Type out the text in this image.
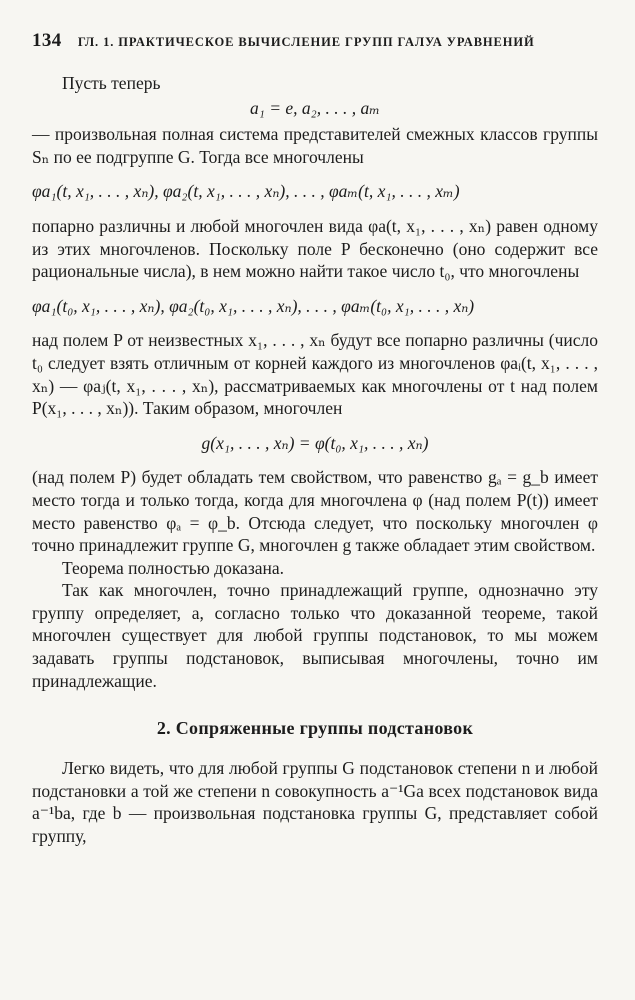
134 ГЛ. 1. ПРАКТИЧЕСКОЕ ВЫЧИСЛЕНИЕ ГРУПП ГАЛУА УРАВНЕНИЙ

Пусть теперь

a₁ = e, a₂, . . . , aₘ

— произвольная полная система представителей смежных классов группы Sₙ по ее подгруппе G. Тогда все многочлены

φa₁(t, x₁, . . . , xₙ), φa₂(t, x₁, . . . , xₙ), . . . , φaₘ(t, x₁, . . . , xₘ)

попарно различны и любой многочлен вида φa(t, x₁, . . . , xₙ) равен одному из этих многочленов. Поскольку поле P бесконечно (оно содержит все рациональные числа), в нем можно найти такое число t₀, что многочлены

φa₁(t₀, x₁, . . . , xₙ), φa₂(t₀, x₁, . . . , xₙ), . . . , φaₘ(t₀, x₁, . . . , xₙ)

над полем P от неизвестных x₁, . . . , xₙ будут все попарно различны (число t₀ следует взять отличным от корней каждого из многочленов φaᵢ(t, x₁, . . . , xₙ) — φaⱼ(t, x₁, . . . , xₙ), рассматриваемых как многочлены от t над полем P(x₁, . . . , xₙ)). Таким образом, многочлен

g(x₁, . . . , xₙ) = φ(t₀, x₁, . . . , xₙ)

(над полем P) будет обладать тем свойством, что равенство gₐ = g_b имеет место тогда и только тогда, когда для многочлена φ (над полем P(t)) имеет место равенство φₐ = φ_b. Отсюда следует, что поскольку многочлен φ точно принадлежит группе G, многочлен g также обладает этим свойством.

Теорема полностью доказана.

Так как многочлен, точно принадлежащий группе, однозначно эту группу определяет, а, согласно только что доказанной теореме, такой многочлен существует для любой группы подстановок, то мы можем задавать группы подстановок, выписывая многочлены, точно им принадлежащие.

2. Сопряженные группы подстановок

Легко видеть, что для любой группы G подстановок степени n и любой подстановки a той же степени n совокупность a⁻¹Ga всех подстановок вида a⁻¹ba, где b — произвольная подстановка группы G, представляет собой группу,
